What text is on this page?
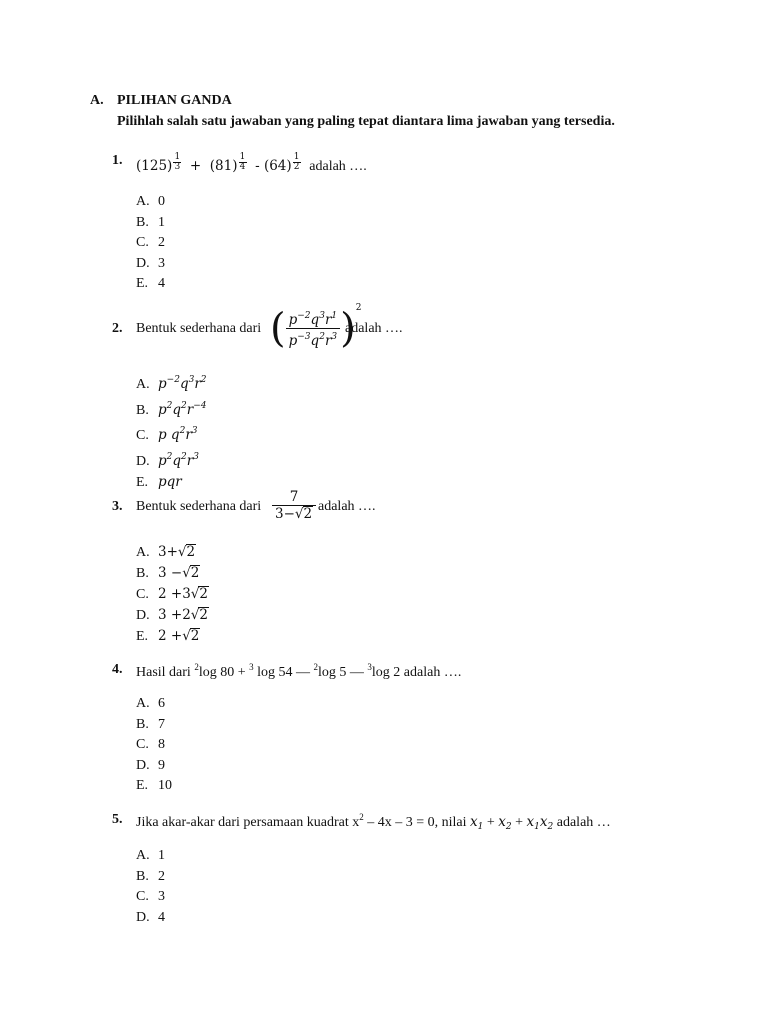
A. PILIHAN GANDA
Pilihlah salah satu jawaban yang paling tepat diantara lima jawaban yang tersedia.
1. (125) $^{\frac{1}{3}}$ +  (81) $^{\frac{1}{4}}$ - (64) $^{\frac{1}{2}}$ adalah ….
A. 0
B. 1
C. 2
D. 3
E. 4
2. Bentuk sederhana dari ( $\frac{p^{-2}q^3r^1}{p^{-3}q^2r^3} )^2$
adalah ….
A. $p^{-2}q^3r^2$
B. $p^2q^2r^{-4}$
C. p $q^2r^3$
D. $p^2q^2r^3$
E. pqr
3. Bentuk sederhana dari $\frac{7}{3-√2}$ adalah ….
A. 3+√2
B. 3 −√2
C. 2 +3√2
D. 3 +2√2
E. 2 +√2
4. Hasil dari $^2$log 80 + $^3$ log 54 — $^2$log 5 — $^3$log 2 adalah ….
A. 6
B. 7
C. 8
D. 9
E. 10
5. Jika akar-akar dari persamaan kuadrat $x^2 - 4x - 3 = 0$, nilai $x_1 + x_2 + x_1x_2$ adalah …
A. 1
B. 2
C. 3
D. 4
